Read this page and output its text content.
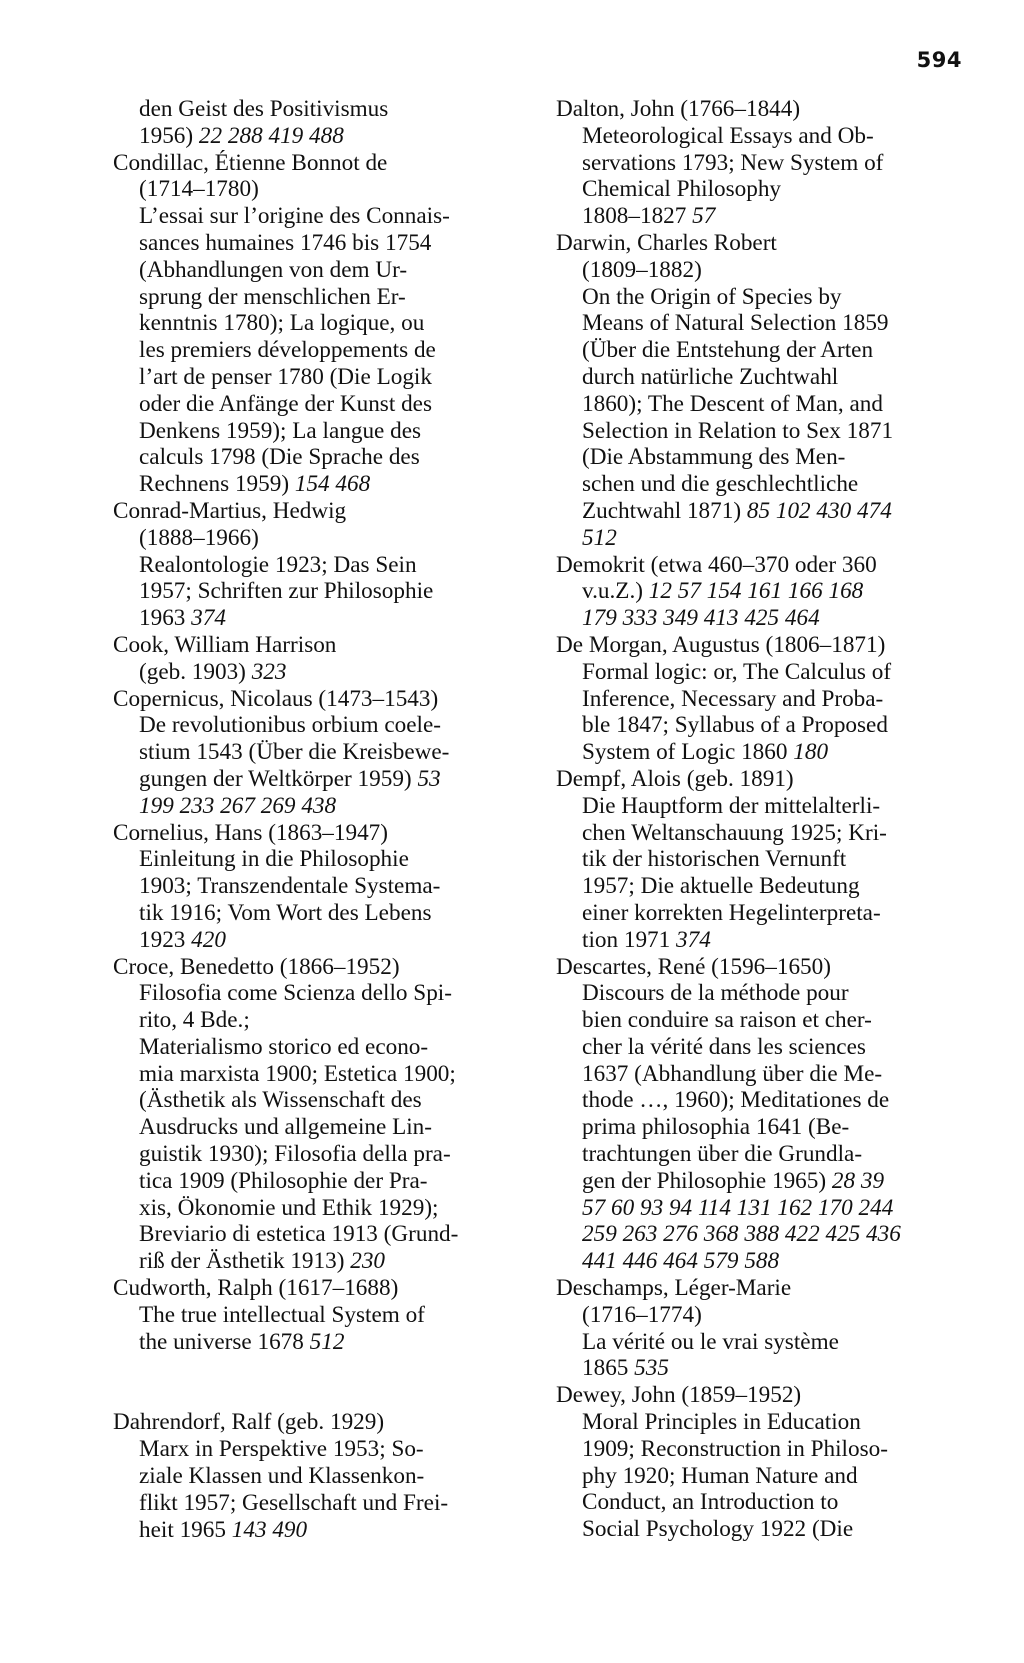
594
den Geist des Positivismus
1956) 22 288 419 488
Condillac, Étienne Bonnot de
(1714–1780)
L’essai sur l’origine des Connais-
sances humaines 1746 bis 1754
(Abhandlungen von dem Ur-
sprung der menschlichen Er-
kenntnis 1780); La logique, ou
les premiers développements de
l’art de penser 1780 (Die Logik
oder die Anfänge der Kunst des
Denkens 1959); La langue des
calculs 1798 (Die Sprache des
Rechnens 1959) 154 468
Conrad-Martius, Hedwig
(1888–1966)
Realontologie 1923; Das Sein
1957; Schriften zur Philosophie
1963 374
Cook, William Harrison
(geb. 1903) 323
Copernicus, Nicolaus (1473–1543)
De revolutionibus orbium coele-
stium 1543 (Über die Kreisbewe-
gungen der Weltkörper 1959) 53
199 233 267 269 438
Cornelius, Hans (1863–1947)
Einleitung in die Philosophie
1903; Transzendentale Systema-
tik 1916; Vom Wort des Lebens
1923 420
Croce, Benedetto (1866–1952)
Filosofia come Scienza dello Spi-
rito, 4 Bde.;
Materialismo storico ed econo-
mia marxista 1900; Estetica 1900;
(Ästhetik als Wissenschaft des
Ausdrucks und allgemeine Lin-
guistik 1930); Filosofia della pra-
tica 1909 (Philosophie der Pra-
xis, Ökonomie und Ethik 1929);
Breviario di estetica 1913 (Grund-
riß der Ästhetik 1913) 230
Cudworth, Ralph (1617–1688)
The true intellectual System of
the universe 1678 512
Dahrendorf, Ralf (geb. 1929)
Marx in Perspektive 1953; So-
ziale Klassen und Klassenkon-
flikt 1957; Gesellschaft und Frei-
heit 1965 143 490
Dalton, John (1766–1844)
Meteorological Essays and Ob-
servations 1793; New System of
Chemical Philosophy
1808–1827 57
Darwin, Charles Robert
(1809–1882)
On the Origin of Species by
Means of Natural Selection 1859
(Über die Entstehung der Arten
durch natürliche Zuchtwahl
1860); The Descent of Man, and
Selection in Relation to Sex 1871
(Die Abstammung des Men-
schen und die geschlechtliche
Zuchtwahl 1871) 85 102 430 474
512
Demokrit (etwa 460–370 oder 360
v.u.Z.) 12 57 154 161 166 168
179 333 349 413 425 464
De Morgan, Augustus (1806–1871)
Formal logic: or, The Calculus of
Inference, Necessary and Proba-
ble 1847; Syllabus of a Proposed
System of Logic 1860 180
Dempf, Alois (geb. 1891)
Die Hauptform der mittelalterli-
chen Weltanschauung 1925; Kri-
tik der historischen Vernunft
1957; Die aktuelle Bedeutung
einer korrekten Hegelinterpreta-
tion 1971 374
Descartes, René (1596–1650)
Discours de la méthode pour
bien conduire sa raison et cher-
cher la vérité dans les sciences
1637 (Abhandlung über die Me-
thode …, 1960); Meditationes de
prima philosophia 1641 (Be-
trachtungen über die Grundla-
gen der Philosophie 1965) 28 39
57 60 93 94 114 131 162 170 244
259 263 276 368 388 422 425 436
441 446 464 579 588
Deschamps, Léger-Marie
(1716–1774)
La vérité ou le vrai système
1865 535
Dewey, John (1859–1952)
Moral Principles in Education
1909; Reconstruction in Philoso-
phy 1920; Human Nature and
Conduct, an Introduction to
Social Psychology 1922 (Die
